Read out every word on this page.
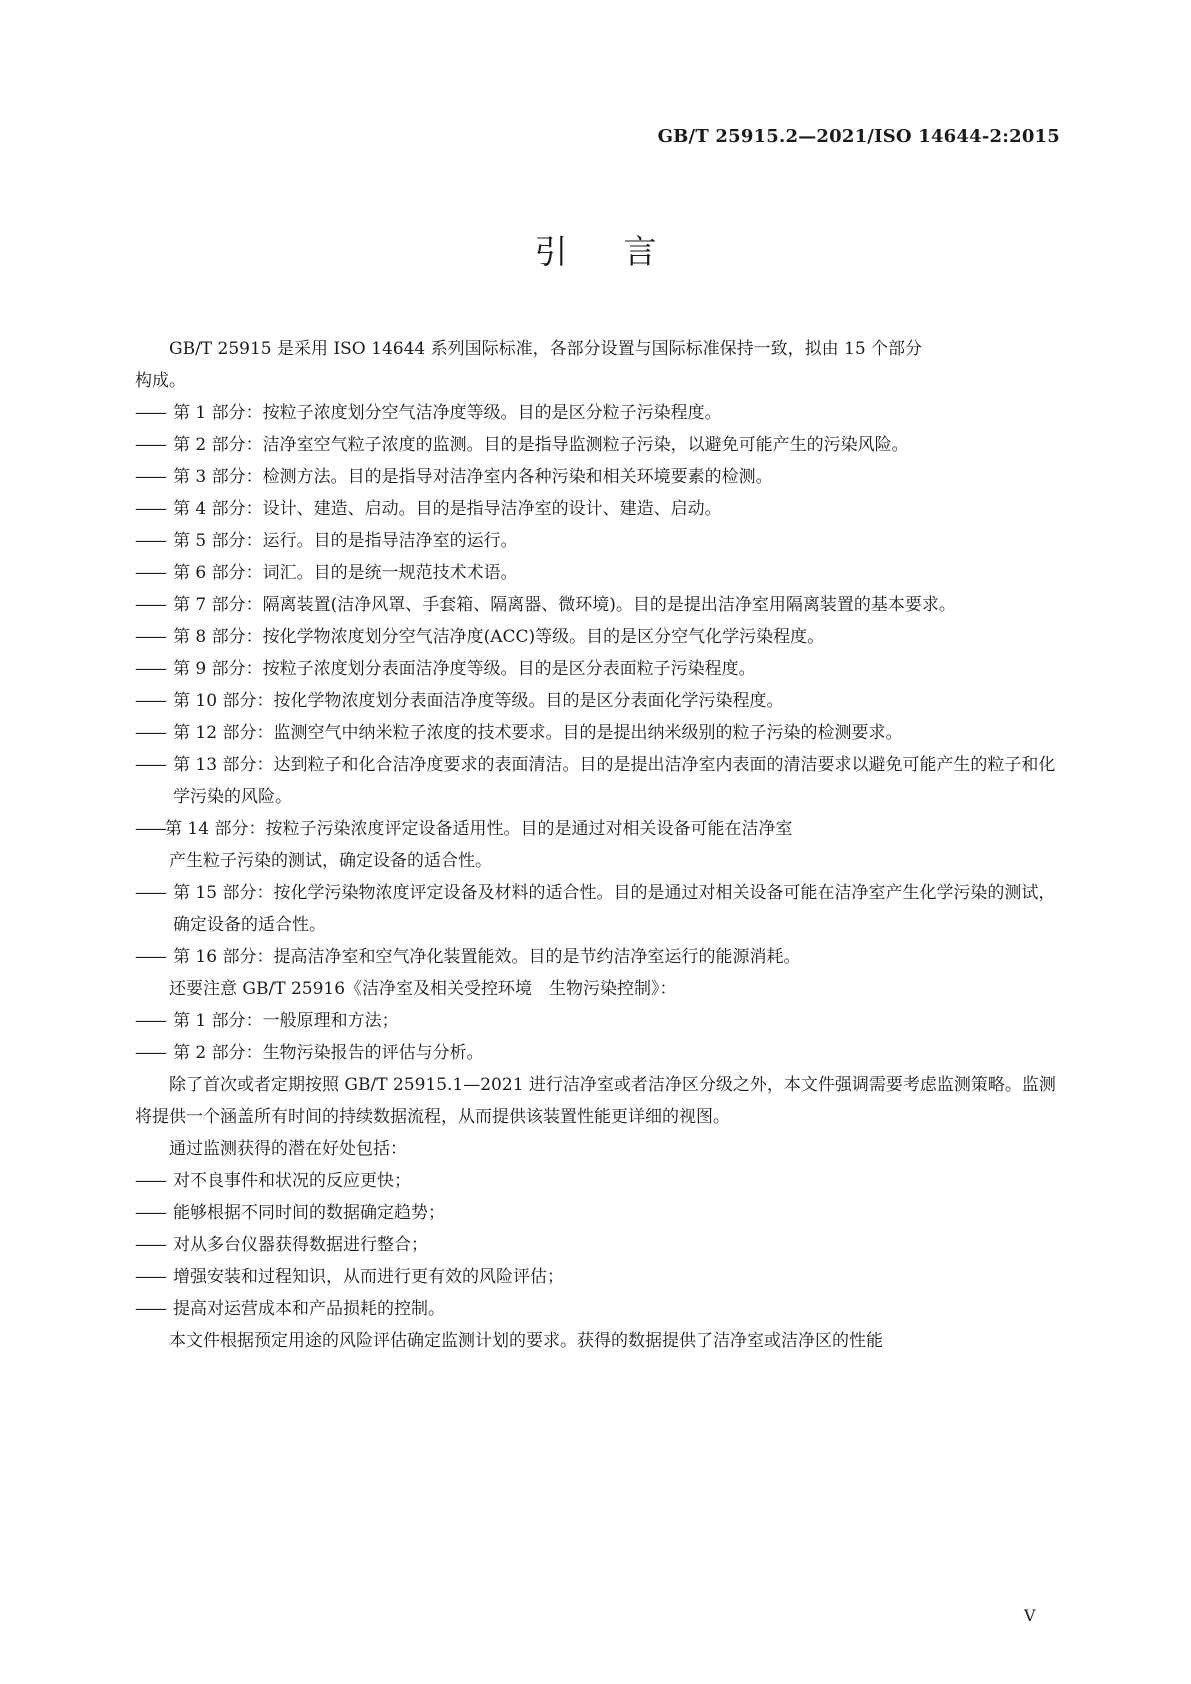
GB/T 25915.2—2021/ISO 14644-2:2015
引言

GB/T 25915 是采用 ISO 14644 系列国际标准，各部分设置与国际标准保持一致，拟由 15 个部分
构成。

—— 第 1 部分：按粒子浓度划分空气洁净度等级。目的是区分粒子污染程度。

—— 第 2 部分：洁净室空气粒子浓度的监测。目的是指导监测粒子污染，以避免可能产生的污染风险。

—— 第 3 部分：检测方法。目的是指导对洁净室内各种污染和相关环境要素的检测。

—— 第 4 部分：设计、建造、启动。目的是指导洁净室的设计、建造、启动。

—— 第 5 部分：运行。目的是指导洁净室的运行。

—— 第 6 部分：词汇。目的是统一规范技术术语。

—— 第 7 部分：隔离装置(洁净风罩、手套箱、隔离器、微环境)。目的是提出洁净室用隔离装置的基本要求。

—— 第 8 部分：按化学物浓度划分空气洁净度(ACC)等级。目的是区分空气化学污染程度。

—— 第 9 部分：按粒子浓度划分表面洁净度等级。目的是区分表面粒子污染程度。

—— 第 10 部分：按化学物浓度划分表面洁净度等级。目的是区分表面化学污染程度。

—— 第 12 部分：监测空气中纳米粒子浓度的技术要求。目的是提出纳米级别的粒子污染的检测要求。

—— 第 13 部分：达到粒子和化合洁净度要求的表面清洁。目的是提出洁净室内表面的清洁要求以避免可能产生的粒子和化学污染的风险。

——第 14 部分：按粒子污染浓度评定设备适用性。目的是通过对相关设备可能在洁净室

产生粒子污染的测试，确定设备的适合性。

—— 第 15 部分：按化学污染物浓度评定设备及材料的适合性。目的是通过对相关设备可能在洁净室产生化学污染的测试，确定设备的适合性。

—— 第 16 部分：提高洁净室和空气净化装置能效。目的是节约洁净室运行的能源消耗。

还要注意 GB/T 25916《洁净室及相关受控环境　生物污染控制》：

—— 第 1 部分：一般原理和方法；

—— 第 2 部分：生物污染报告的评估与分析。

除了首次或者定期按照 GB/T 25915.1—2021 进行洁净室或者洁净区分级之外，本文件强调需要考虑监测策略。监测将提供一个涵盖所有时间的持续数据流程，从而提供该装置性能更详细的视图。

通过监测获得的潜在好处包括：

—— 对不良事件和状况的反应更快；

—— 能够根据不同时间的数据确定趋势；

—— 对从多台仪器获得数据进行整合；

—— 增强安装和过程知识，从而进行更有效的风险评估；

—— 提高对运营成本和产品损耗的控制。

本文件根据预定用途的风险评估确定监测计划的要求。获得的数据提供了洁净室或洁净区的性能

V
